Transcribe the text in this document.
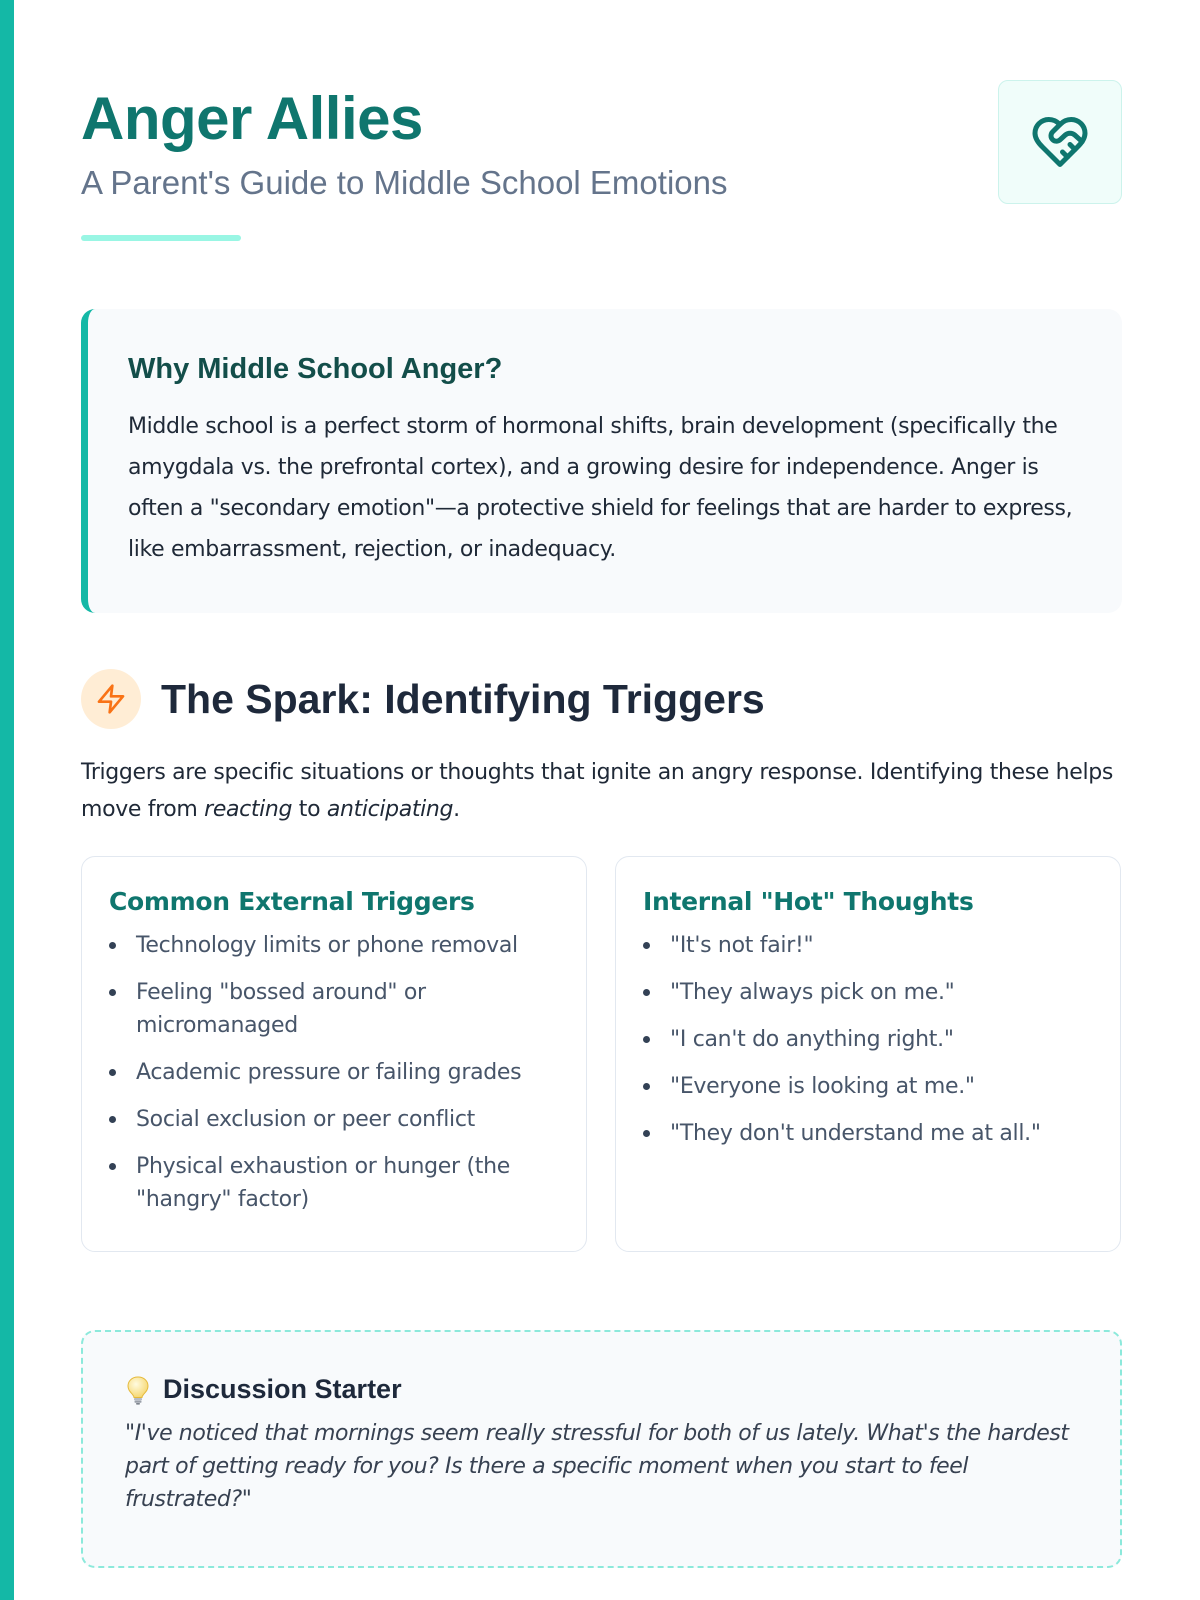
Anger Allies
A Parent's Guide to Middle School Emotions
Why Middle School Anger?

Middle school is a perfect storm of hormonal shifts, brain development (specifically the amygdala vs. the prefrontal cortex), and a growing desire for independence. Anger is often a "secondary emotion"—a protective shield for feelings that are harder to express, like embarrassment, rejection, or inadequacy.

The Spark: Identifying Triggers

Triggers are specific situations or thoughts that ignite an angry response. Identifying these helps move from reacting to anticipating.

Common External Triggers
Technology limits or phone removal
Feeling "bossed around" or micromanaged
Academic pressure or failing grades
Social exclusion or peer conflict
Physical exhaustion or hunger (the "hangry" factor)
Internal "Hot" Thoughts
"It's not fair!"
"They always pick on me."
"I can't do anything right."
"Everyone is looking at me."
"They don't understand me at all."
Discussion Starter

"I've noticed that mornings seem really stressful for both of us lately. What's the hardest part of getting ready for you? Is there a specific moment when you start to feel frustrated?"
